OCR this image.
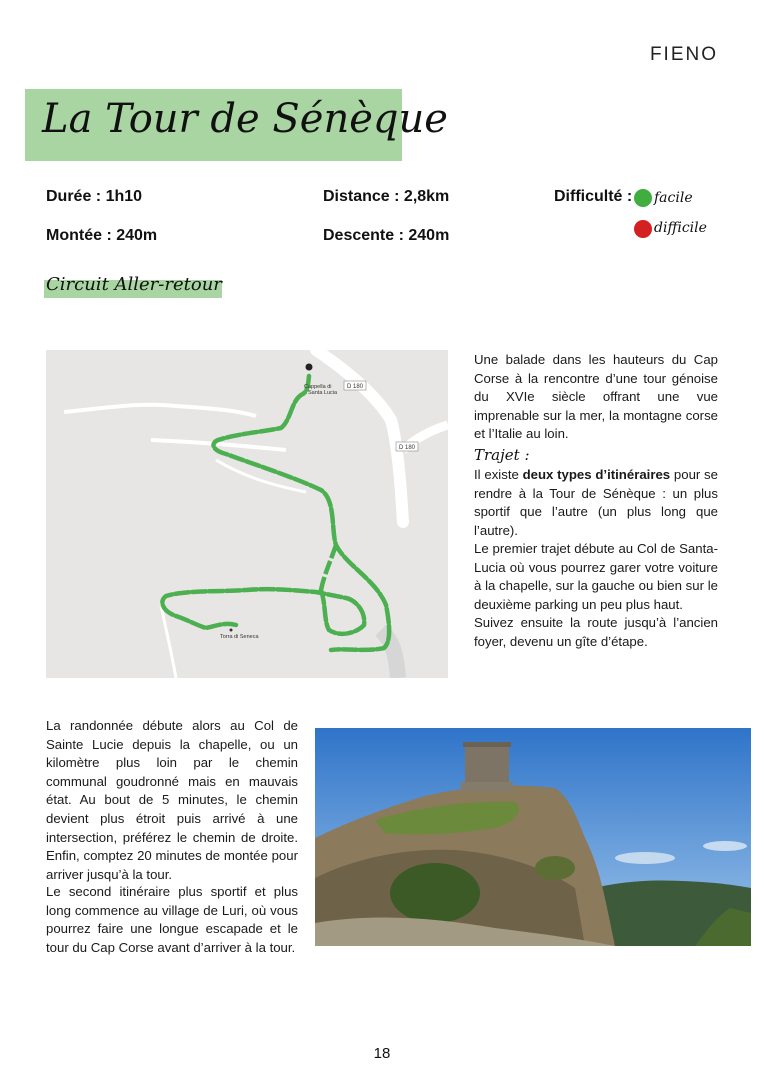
FIENO
La Tour de Sénèque
Durée : 1h10	Distance : 2,8km
Montée : 240m	Descente : 240m
Difficulté : facile
difficile
Circuit Aller-retour
D 180
D 180
Cappella di
Santa Lucia
Torra di Seneca
Une balade dans les hauteurs du Cap Corse à la rencontre d’une tour génoise du XVIe siècle offrant une vue imprenable sur la mer, la montagne corse et l’Italie au loin.
Trajet :
Il existe deux types d’itinéraires pour se rendre à la Tour de Sénèque : un plus sportif que l’autre (un plus long que l’autre).
Le premier trajet débute au Col de Santa-Lucia où vous pourrez garer votre voiture à la chapelle, sur la gauche ou bien sur le deuxième parking un peu plus haut.
Suivez ensuite la route jusqu’à l’ancien foyer, devenu un gîte d’étape.
La randonnée débute alors au Col de Sainte Lucie depuis la chapelle, ou un kilomètre plus loin par le chemin communal goudronné mais en mauvais état. Au bout de 5 minutes, le chemin devient plus étroit puis arrivé à une intersection, préférez le chemin de droite. Enfin, comptez 20 minutes de montée pour arriver jusqu’à la tour.
Le second itinéraire plus sportif et plus long commence au village de Luri, où vous pourrez faire une longue escapade et le tour du Cap Corse avant d’arriver à la tour.
18
